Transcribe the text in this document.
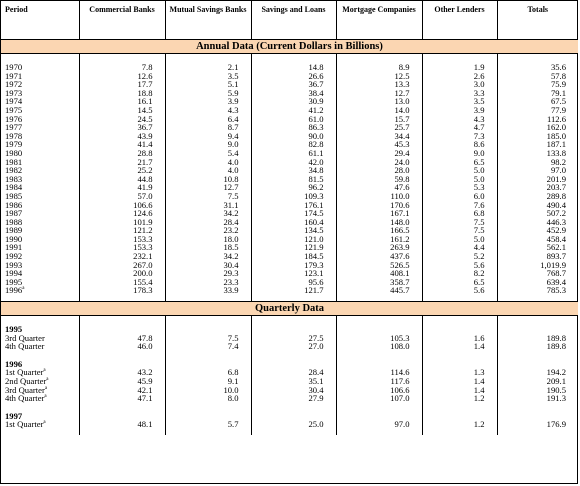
Period	Commercial Banks	Mutual Savings Banks	Savings and Loans	Mortgage Companies	Other Lenders	Totals
Annual Data (Current Dollars in Billions)						

1970	7.8	2.1	14.8	8.9	1.9	35.6
1971	12.6	3.5	26.6	12.5	2.6	57.8
1972	17.7	5.1	36.7	13.3	3.0	75.9
1973	18.8	5.9	38.4	12.7	3.3	79.1
1974	16.1	3.9	30.9	13.0	3.5	67.5
1975	14.5	4.3	41.2	14.0	3.9	77.9
1976	24.5	6.4	61.0	15.7	4.3	112.6
1977	36.7	8.7	86.3	25.7	4.7	162.0
1978	43.9	9.4	90.0	34.4	7.3	185.0
1979	41.4	9.0	82.8	45.3	8.6	187.1
1980	28.8	5.4	61.1	29.4	9.0	133.8
1981	21.7	4.0	42.0	24.0	6.5	98.2
1982	25.2	4.0	34.8	28.0	5.0	97.0
1983	44.8	10.8	81.5	59.8	5.0	201.9
1984	41.9	12.7	96.2	47.6	5.3	203.7
1985	57.0	7.5	109.3	110.0	6.0	289.8
1986	106.6	31.1	176.1	170.6	7.6	490.4
1987	124.6	34.2	174.5	167.1	6.8	507.2
1988	101.9	28.4	160.4	148.0	7.5	446.3
1989	121.2	23.2	134.5	166.5	7.5	452.9
1990	153.3	18.0	121.0	161.2	5.0	458.4
1991	153.3	18.5	121.9	263.9	4.4	562.1
1992	232.1	34.2	184.5	437.6	5.2	893.7
1993	267.0	30.4	179.3	526.5	5.6	1,019.9
1994	200.0	29.3	123.1	408.1	8.2	768.7
1995	155.4	23.3	95.6	358.7	6.5	639.4
1996$^a$	178.3	33.9	121.7	445.7	5.6	785.3

Quarterly Data						

1995						
3rd Quarter	47.8	7.5	27.5	105.3	1.6	189.8
4th Quarter	46.0	7.4	27.0	108.0	1.4	189.8

1996						
1st Quarter$^a$	43.2	6.8	28.4	114.6	1.3	194.2
2nd Quarter$^a$	45.9	9.1	35.1	117.6	1.4	209.1
3rd Quarter$^a$	42.1	10.0	30.4	106.6	1.4	190.5
4th Quarter$^a$	47.1	8.0	27.9	107.0	1.2	191.3

1997						
1st Quarter$^a$	48.1	5.7	25.0	97.0	1.2	176.9
